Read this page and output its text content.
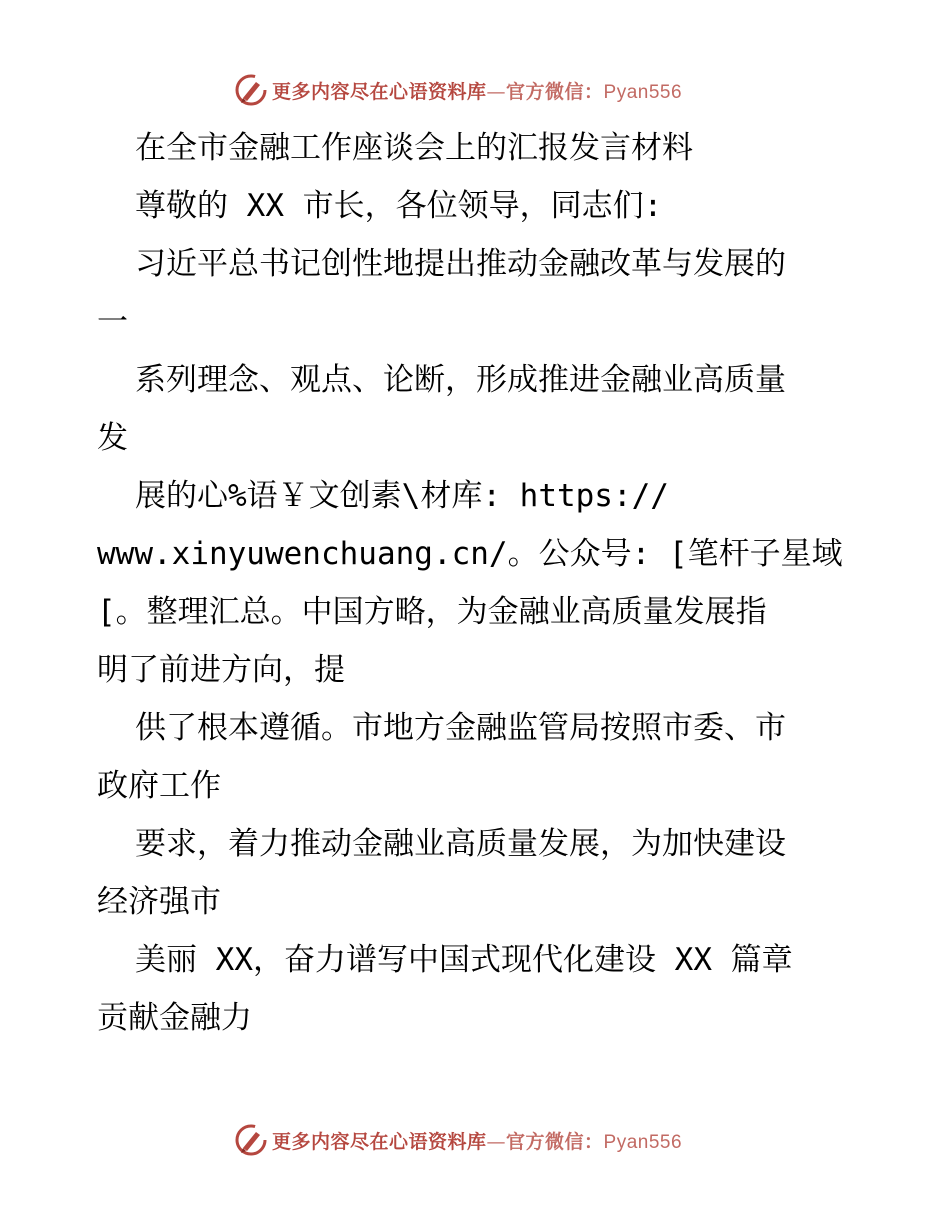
更多内容尽在心语资料库—官方微信：Pyan556

在全市金融工作座谈会上的汇报发言材料

尊敬的 XX 市长，各位领导，同志们:

习近平总书记创性地提出推动金融改革与发展的

一

系列理念、观点、论断，形成推进金融业高质量

发

展的心%语￥文创素\材库: https://

www.xinyuwenchuang.cn/。公众号: [笔杆子星域

[。整理汇总。中国方略，为金融业高质量发展指

明了前进方向，提

供了根本遵循。市地方金融监管局按照市委、市

政府工作

要求，着力推动金融业高质量发展，为加快建设

经济强市

美丽 XX，奋力谱写中国式现代化建设 XX 篇章

贡献金融力

更多内容尽在心语资料库—官方微信：Pyan556
